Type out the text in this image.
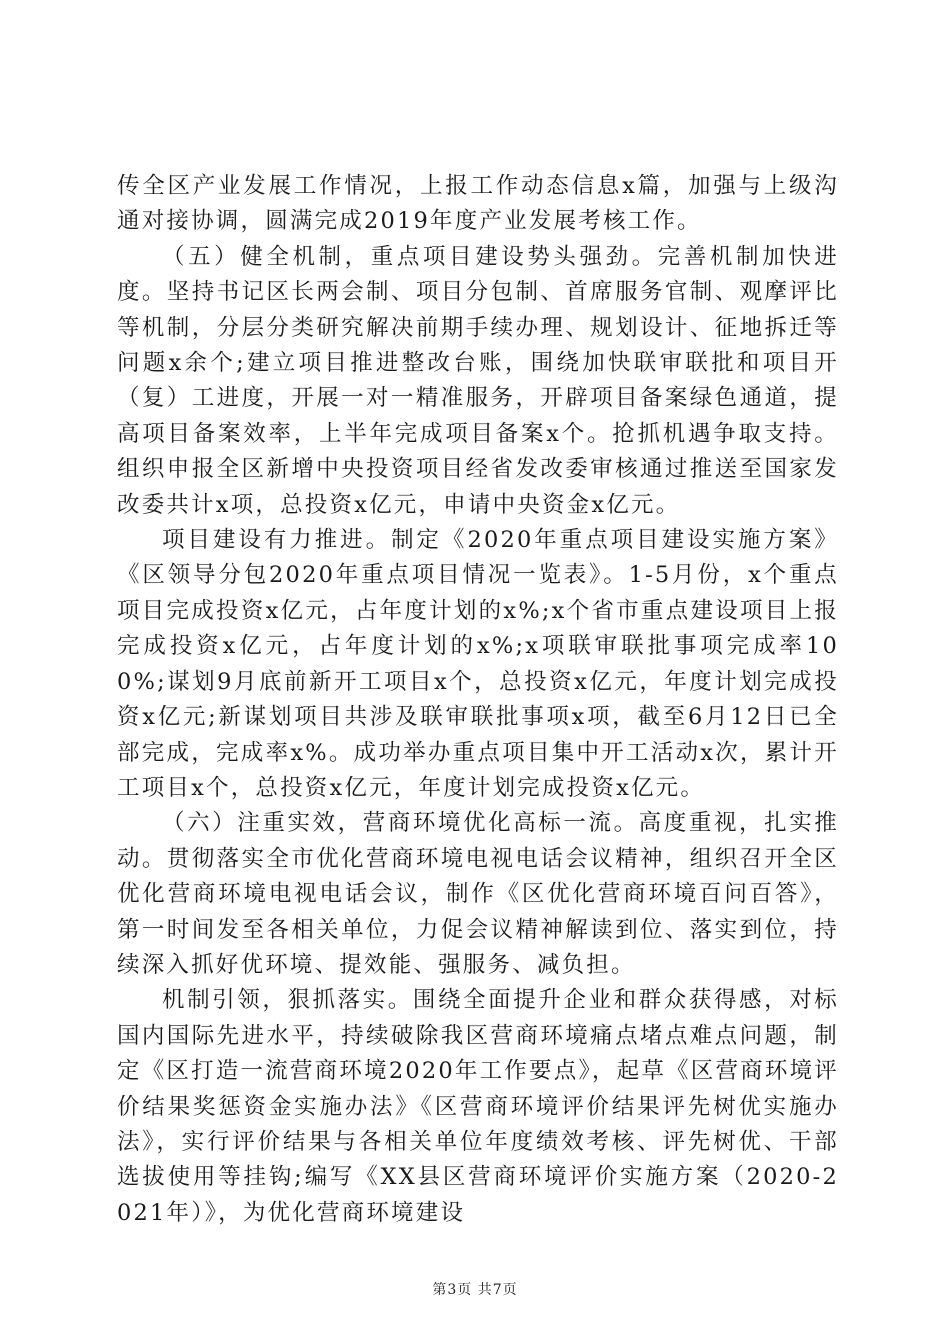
传全区产业发展工作情况，上报工作动态信息x篇，加强与上级沟通对接协调，圆满完成2019年度产业发展考核工作。

（五）健全机制，重点项目建设势头强劲。完善机制加快进度。坚持书记区长两会制、项目分包制、首席服务官制、观摩评比等机制，分层分类研究解决前期手续办理、规划设计、征地拆迁等问题x余个;建立项目推进整改台账，围绕加快联审联批和项目开（复）工进度，开展一对一精准服务，开辟项目备案绿色通道，提高项目备案效率，上半年完成项目备案x个。抢抓机遇争取支持。组织申报全区新增中央投资项目经省发改委审核通过推送至国家发改委共计x项，总投资x亿元，申请中央资金x亿元。

项目建设有力推进。制定《2020年重点项目建设实施方案》《区领导分包2020年重点项目情况一览表》。1-5月份，x个重点项目完成投资x亿元，占年度计划的x%;x个省市重点建设项目上报完成投资x亿元，占年度计划的x%;x项联审联批事项完成率100%;谋划9月底前新开工项目x个，总投资x亿元，年度计划完成投资x亿元;新谋划项目共涉及联审联批事项x项，截至6月12日已全部完成，完成率x%。成功举办重点项目集中开工活动x次，累计开工项目x个，总投资x亿元，年度计划完成投资x亿元。

（六）注重实效，营商环境优化高标一流。高度重视，扎实推动。贯彻落实全市优化营商环境电视电话会议精神，组织召开全区优化营商环境电视电话会议，制作《区优化营商环境百问百答》，第一时间发至各相关单位，力促会议精神解读到位、落实到位，持续深入抓好优环境、提效能、强服务、减负担。

机制引领，狠抓落实。围绕全面提升企业和群众获得感，对标国内国际先进水平，持续破除我区营商环境痛点堵点难点问题，制定《区打造一流营商环境2020年工作要点》，起草《区营商环境评价结果奖惩资金实施办法》《区营商环境评价结果评先树优实施办法》，实行评价结果与各相关单位年度绩效考核、评先树优、干部选拔使用等挂钩;编写《XX县区营商环境评价实施方案（2020-2021年）》，为优化营商环境建设

第3页 共7页
